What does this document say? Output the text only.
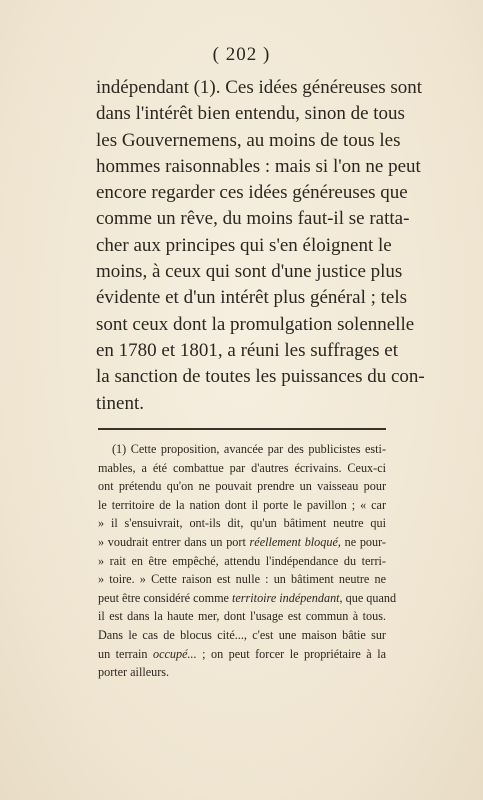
( 202 )
indépendant (1). Ces idées généreuses sont
dans l'intérêt bien entendu, sinon de tous
les Gouvernemens, au moins de tous les
hommes raisonnables : mais si l'on ne peut
encore regarder ces idées généreuses que
comme un rêve, du moins faut-il se ratta-
cher aux principes qui s'en éloignent le
moins, à ceux qui sont d'une justice plus
évidente et d'un intérêt plus général ; tels
sont ceux dont la promulgation solennelle
en 1780 et 1801, a réuni les suffrages et
la sanction de toutes les puissances du con-
tinent.
(1) Cette proposition, avancée par des publicistes esti-
mables, a été combattue par d'autres écrivains. Ceux-ci
ont prétendu qu'on ne pouvait prendre un vaisseau pour
le territoire de la nation dont il porte le pavillon ; « car
» il s'ensuivrait, ont-ils dit, qu'un bâtiment neutre qui
» voudrait entrer dans un port réellement bloqué, ne pour-
» rait en être empêché, attendu l'indépendance du terri-
» toire. » Cette raison est nulle : un bâtiment neutre ne
peut être considéré comme territoire indépendant, que quand
il est dans la haute mer, dont l'usage est commun à tous.
Dans le cas de blocus cité..., c'est une maison bâtie sur
un terrain occupé... ; on peut forcer le propriétaire à la
porter ailleurs.
